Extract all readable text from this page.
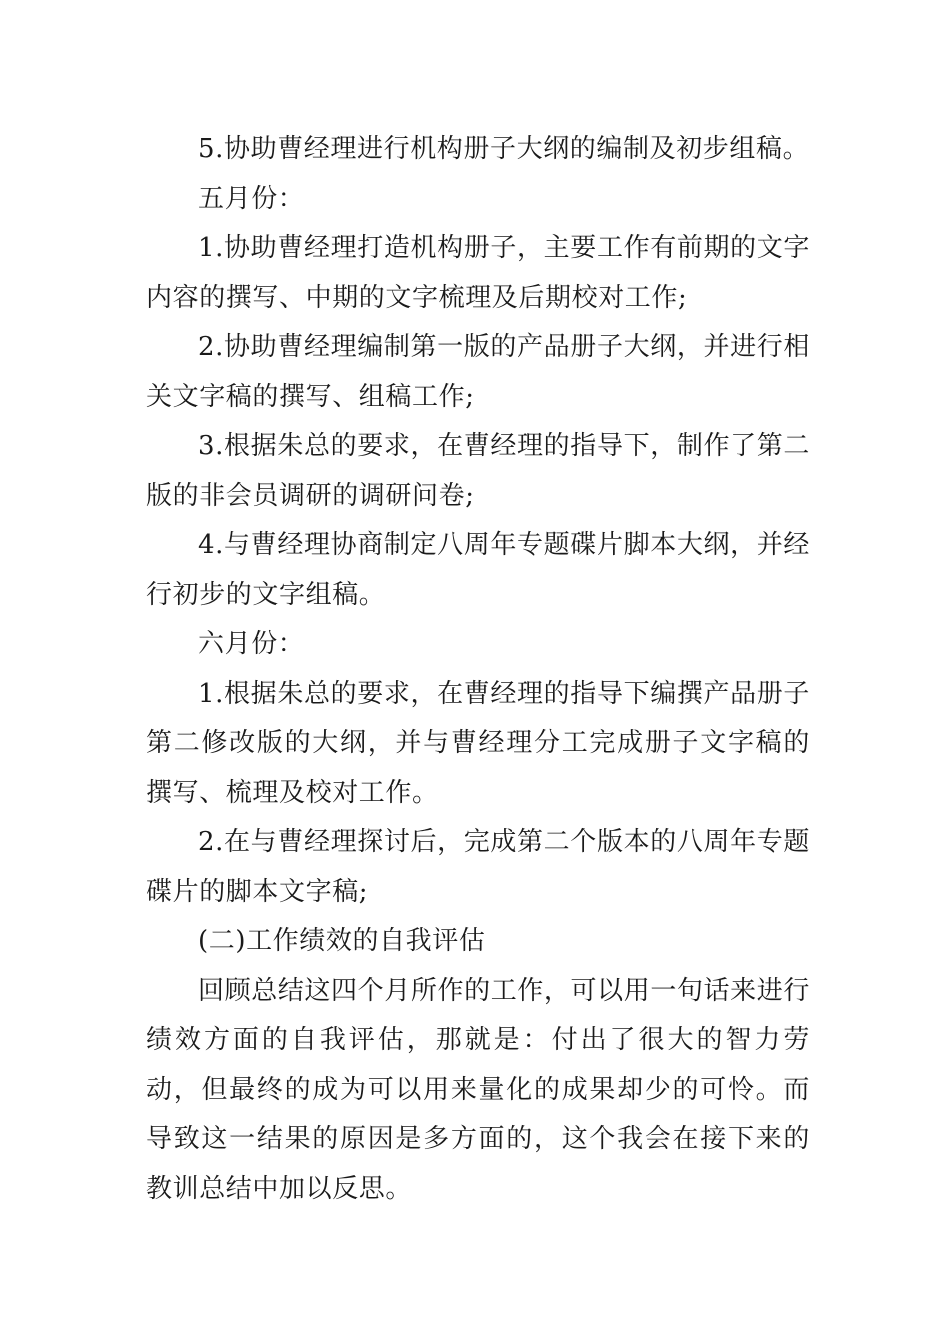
5.协助曹经理进行机构册子大纲的编制及初步组稿。

五月份：

1.协助曹经理打造机构册子，主要工作有前期的文字内容的撰写、中期的文字梳理及后期校对工作;

2.协助曹经理编制第一版的产品册子大纲，并进行相关文字稿的撰写、组稿工作;

3.根据朱总的要求，在曹经理的指导下，制作了第二版的非会员调研的调研问卷;

4.与曹经理协商制定八周年专题碟片脚本大纲，并经行初步的文字组稿。

六月份：

1.根据朱总的要求，在曹经理的指导下编撰产品册子第二修改版的大纲，并与曹经理分工完成册子文字稿的撰写、梳理及校对工作。

2.在与曹经理探讨后，完成第二个版本的八周年专题碟片的脚本文字稿;

(二)工作绩效的自我评估

回顾总结这四个月所作的工作，可以用一句话来进行绩效方面的自我评估，那就是：付出了很大的智力劳动，但最终的成为可以用来量化的成果却少的可怜。而导致这一结果的原因是多方面的，这个我会在接下来的教训总结中加以反思。
